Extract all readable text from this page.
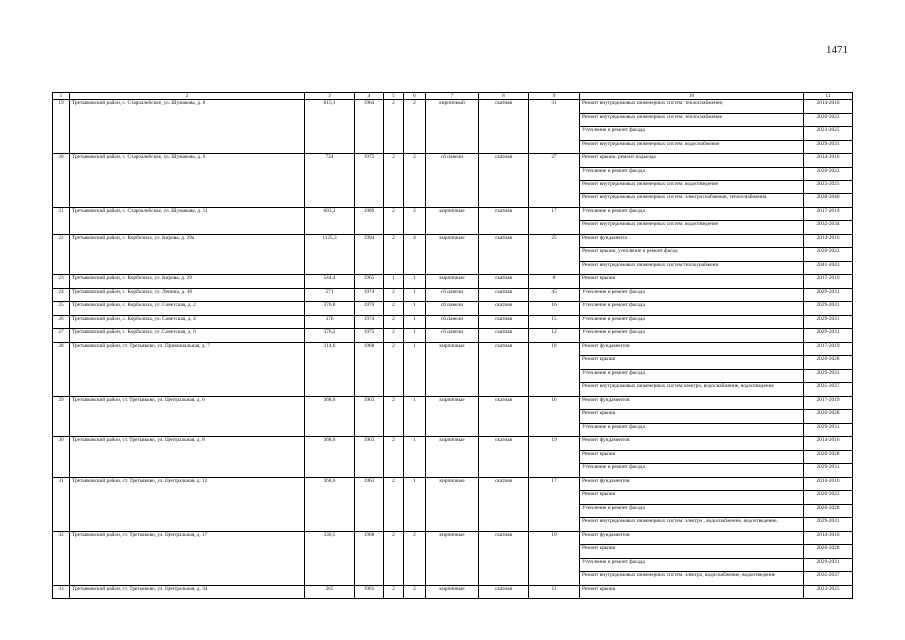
1471
1	2	3	4	5	6	7	8	9	10	11
19	Третьяковский район, с. Староалейское, ул. Шумакова, д. 8	815,1	1964	2	2	кирпичный	скатная	31	Ремонт внутридомовых инженерных систем: теплоснабжение;	2014-2016
									Ремонт внутридомовых инженерных систем: теплоснабжение	2020-2022
									Утепление и ремонт фасада	2023-2025
									Ремонт внутридомовых инженерных систем: водоснабжение	2029-2031
20	Третьяковский район, с. Староалейское, ул. Шумакова, д. 9	724	1975	2	2	сб.панели	скатная	27	Ремонт крыши, ремонт подъезда	2014-2016
									Утепление и ремонт фасада	2020-2022
									Ремонт внутридомовых инженерных систем: водоотведение	2023-2025
									Ремонт внутридомовых инженерных систем: электроснабжения, теплоснабжения	2038-2040
21	Третьяковский район, с. Староалейское, ул. Шумакова, д. 11	603,2	1989	2	2	кирпичные	скатная	17	Утепление и ремонт фасада	2017-2019
									Ремонт внутридомовых инженерных систем: водоотведение	2032-2034
22	Третьяковский район, с. Корболиха, ул. Кирова, д. 39а	1125,3	1994	2	4	кирпичные	скатная	25	Ремонт фундамента	2014-2016
									Ремонт крыши, утепление и ремонт фасад	2020-2022
									Ремонт внутридомовых инженерных систем:теплоснабжени	2041-2043
23	Третьяковский район, с. Корболиха, ул. Кирова, д. 39	544,4	1965	1	1	кирпичные	скатная	8	Ремонт крыши	2017-2019
24	Третьяковский район, с. Корболиха, ул. Ленина, д. 46	571	1974	2	1	сб.панели	скатная	45	Утепление и ремонт фасада	2029-2031
25	Третьяковский район, с. Корболиха, ул. Советская, д. 2	376,8	1976	2	1	сб.панели	скатная	16	Утепление и ремонт фасада	2029-2031
26	Третьяковский район, с. Корболиха, ул. Советская, д. 4	376	1974	2	1	сб.панели	скатная	15	Утепление и ремонт фасада	2029-2031
27	Третьяковский район, с. Корболиха, ул .Советская, д. 6	376,2	1975	2	1	сб.панели	скатная	12	Утепление и ремонт фасада	2029-2031
28	Третьяковский район, ст. Третьяково, ул. Привокзальная, д. 7	314,6	1968	2	1	кирпичные	скатная	18	Ремонт фундаментов	2017-2019
									Ремонт крыши	2026-2028
									Утепление и ремонт фасада	2029-2031
									Ремонт внутридомовых инженерных систем:электро, водоснабжение, водоотведение	2035-2037
29	Третьяковский район, ст. Третьяково, ул. Центральная, д. 6	368,6	1963	2	1	кирпичные	скатная	16	Ремонт фундаментов	2017-2019
									Ремонт крыши	2026-2028
									Утепление и ремонт фасада	2029-2031
30	Третьяковский район, ст. Третьяково, ул. Центральная, д. 8	368,6	1963	2	1	кирпичные	скатная	19	Ремонт фундаментов	2014-2016
									Ремонт крыши	2026-2028
									Утепление и ремонт фасада	2029-2031
31	Третьяковский район, ст. Третьяково, ул. Центральная, д. 12	368,6	1963	2	1	кирпичные	скатная	17	Ремонт фундаментов	2014-2016
									Ремонт крыши	2020-2022
									Утепление и ремонт фасада	2026-2028
									Ремонт внутридомовых инженерных систем: электро , водоснабжение, водоотведение,	2029-2031
32	Третьяковский район, ст. Третьяково, ул. Центральная, д. 17	330,5	1968	2	2	кирпичные	скатная	19	Ремонт фундаментов	2014-2016
									Ремонт крыши	2026-2028
									Утепление и ремонт фасада	2029-2031
									Ремонт внутридомовых инженерных систем: электро, водоснабжение, водоотведение	2035-2037
33	Третьяковский район, ст. Третьяково, ул. Центральная, д. 34	365	1961	2	2	кирпичные	скатная	11	Ремонт крыши	2023-2025
